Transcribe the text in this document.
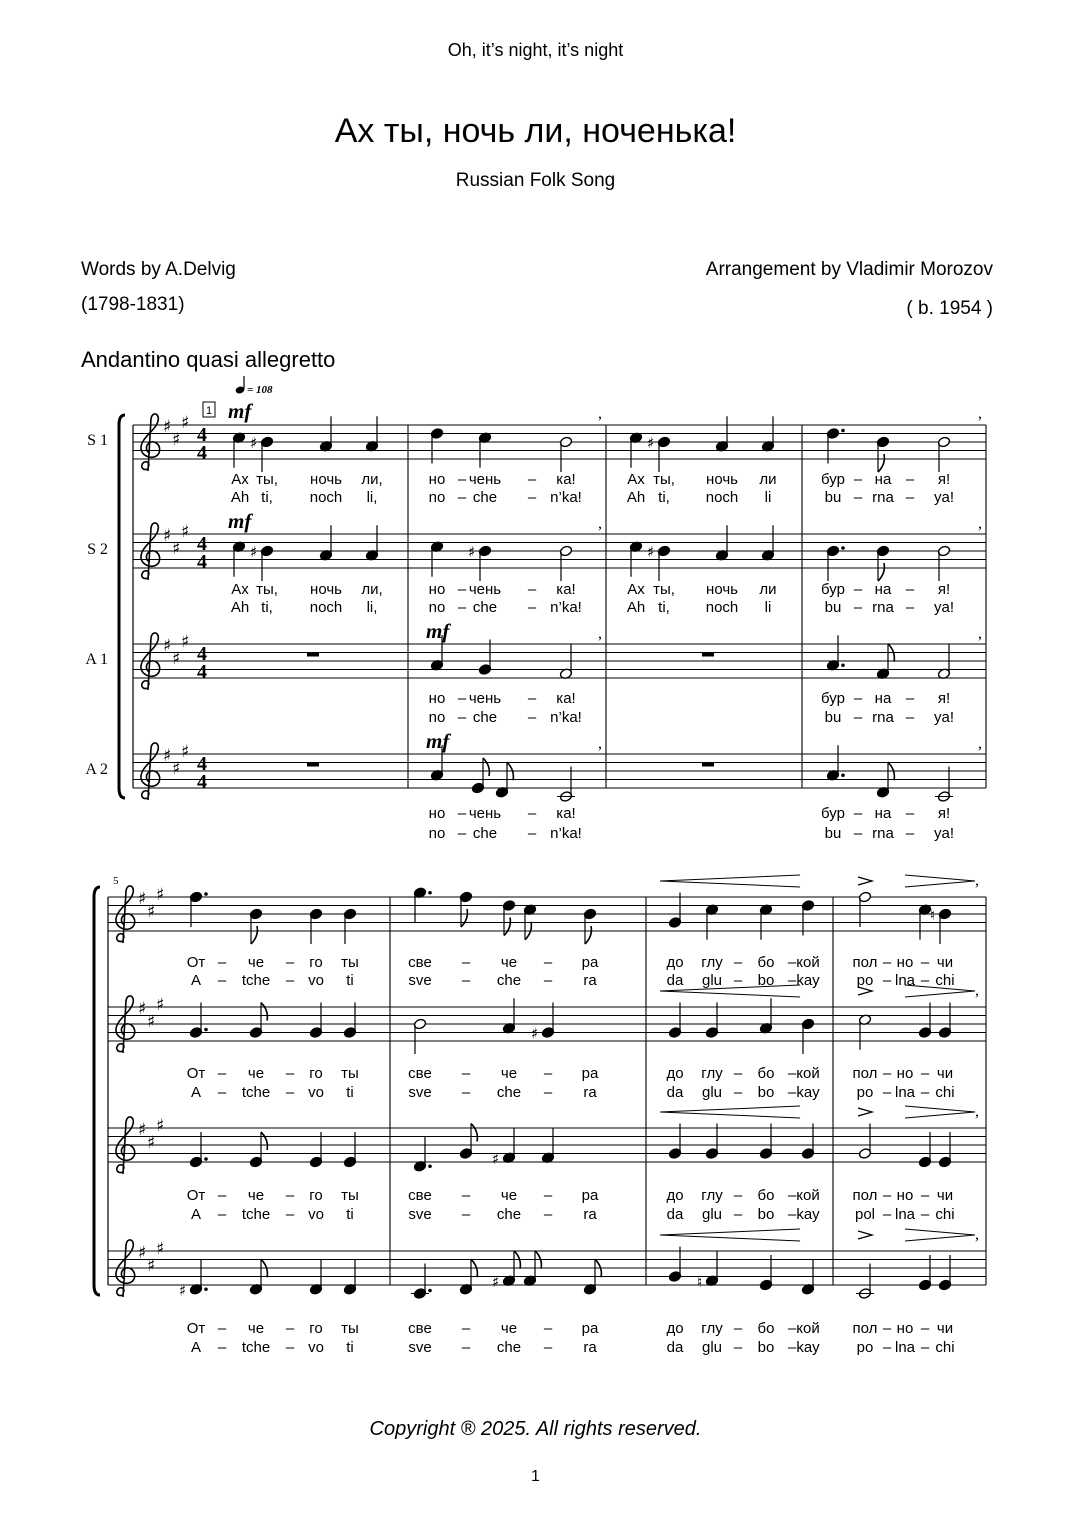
Oh, it’s night, it’s night
Ах ты, ночь ли, ноченька!
Russian Folk Song
Words by A.Delvig
(1798-1831)
Arrangement by Vladimir Morozov
( b. 1954 )
Andantino quasi allegretto
= 108
1
5
♯
♯
♯
4
4
S 1
♯
♯
♯
4
4
S 2
♯
♯
♯
4
4
A 1
♯
♯
♯
4
4
A 2
♯
♯
♯
♯
♯
♯
♯
♯
♯
♯
♯
♯
♯	♯
mf	,	,
Ах ты, ночь ли,	но – чень – ка!	Ах ты, ночь ли	бур – на – я!
Ah ti, noch li,	no – che – n’ka!	Ah ti, noch li	bu – rna – ya!
♯	♯	♯
mf	,	,
Ах ты, ночь ли,	но – чень – ка!	Ах ты, ночь ли	бур – на – я!
Ah ti, noch li,	no – che – n’ka!	Ah ti, noch li	bu – rna – ya!
mf	,	,
но – чень – ка!	бур – на – я!
no – che – n’ka!	bu – rna – ya!
mf	,	,
но – чень – ка!	бур – на – я!
no – che – n’ka!	bu – rna – ya!
♮
От – че – го ты	све – че – ра	до глу – бо – кой пол – но – чи
A – tche – vo ti	sve – che – ra	da glu – bo – kay po – lna – chi
♯
От – че – го ты	све – че – ра	до глу – бо – кой пол – но – чи
A – tche – vo ti	sve – che – ra	da glu – bo – kay po – lna – chi
♯
От – че – го ты	све – че – ра	до глу – бо – кой пол – но – чи
A – tche – vo ti	sve – che – ra	da glu – bo – kay pol – lna – chi
♯	♯	♮
От – че – го ты	све – че – ра	до глу – бо – кой пол – но – чи
A – tche – vo ti	sve – che – ra	da glu – bo – kay po – lna – chi
,
,
,
,
Copyright ® 2025. All rights reserved.
1
